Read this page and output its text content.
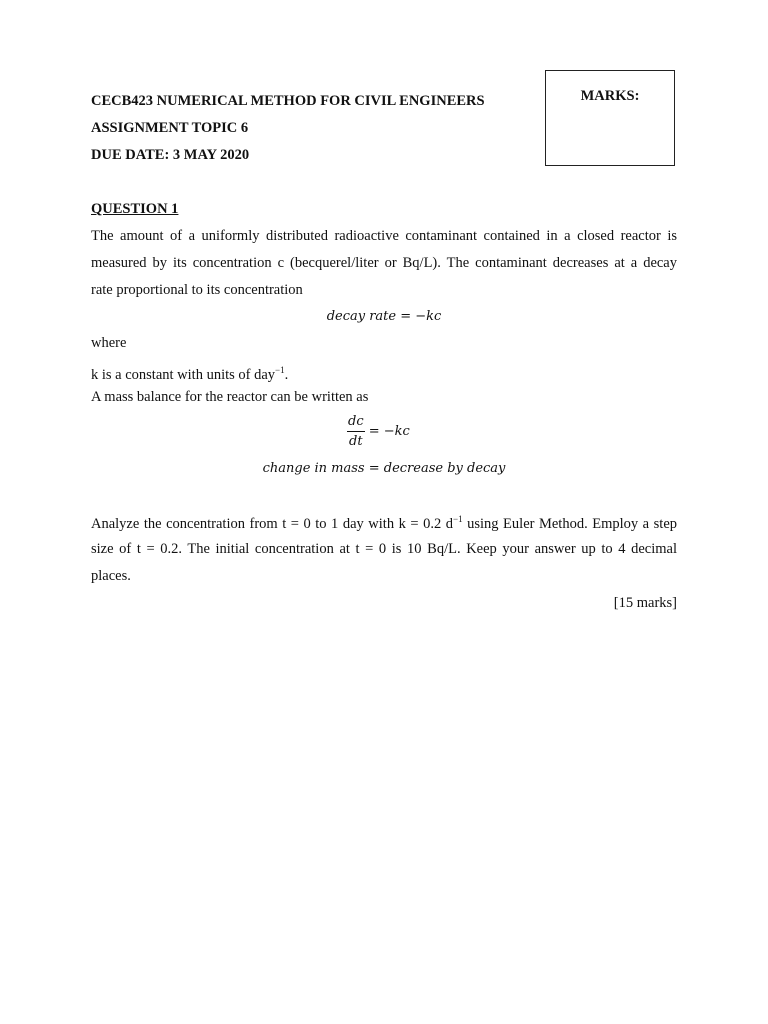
CECB423 NUMERICAL METHOD FOR CIVIL ENGINEERS
ASSIGNMENT TOPIC 6
DUE DATE: 3 MAY 2020
MARKS:
QUESTION 1
The amount of a uniformly distributed radioactive contaminant contained in a closed reactor is
measured by its concentration c (becquerel/liter or Bq/L). The contaminant decreases at a decay
rate proportional to its concentration
decay rate = −kc
where
k is a constant with units of day$^{-1}$.
A mass balance for the reactor can be written as
$\frac{dc}{dt} = -kc$
change in mass = decrease by decay
Analyze the concentration from t = 0 to 1 day with k = 0.2 $d^{-1}$ using Euler Method. Employ a step
size of t = 0.2. The initial concentration at t = 0 is 10 Bq/L. Keep your answer up to 4 decimal
places.
[15 marks]
